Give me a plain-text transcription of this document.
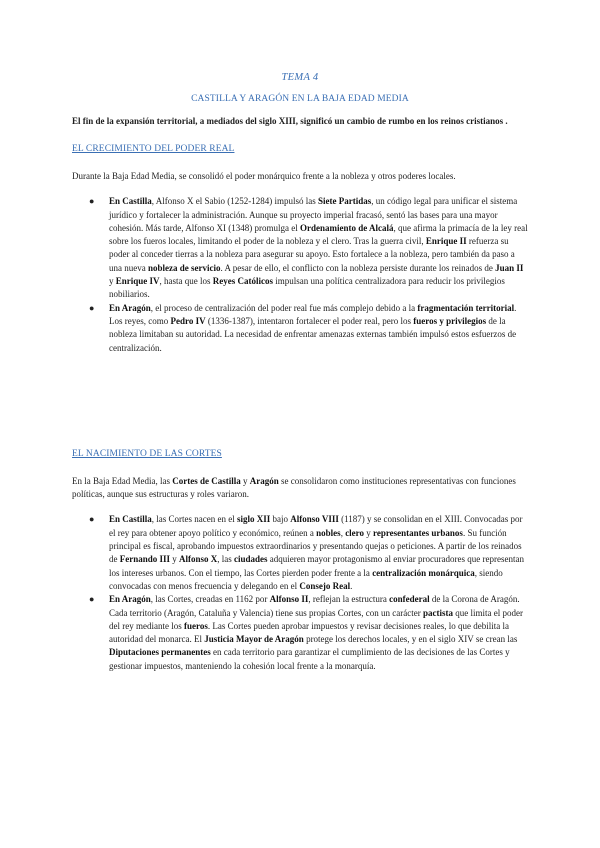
TEMA 4

CASTILLA Y ARAGÓN EN LA BAJA EDAD MEDIA

El fin de la expansión territorial, a mediados del siglo XIII, significó un cambio de rumbo en los reinos cristianos .

EL CRECIMIENTO DEL PODER REAL

Durante la Baja Edad Media, se consolidó el poder monárquico frente a la nobleza y otros poderes locales.

● En Castilla, Alfonso X el Sabio (1252-1284) impulsó las Siete Partidas, un código legal para unificar el sistema jurídico y fortalecer la administración. Aunque su proyecto imperial fracasó, sentó las bases para una mayor cohesión. Más tarde, Alfonso XI (1348) promulga el Ordenamiento de Alcalá, que afirma la primacía de la ley real sobre los fueros locales, limitando el poder de la nobleza y el clero. Tras la guerra civil, Enrique II refuerza su poder al conceder tierras a la nobleza para asegurar su apoyo. Esto fortalece a la nobleza, pero también da paso a una nueva nobleza de servicio. A pesar de ello, el conflicto con la nobleza persiste durante los reinados de Juan II y Enrique IV, hasta que los Reyes Católicos impulsan una política centralizadora para reducir los privilegios nobiliarios.
● En Aragón, el proceso de centralización del poder real fue más complejo debido a la fragmentación territorial. Los reyes, como Pedro IV (1336-1387), intentaron fortalecer el poder real, pero los fueros y privilegios de la nobleza limitaban su autoridad. La necesidad de enfrentar amenazas externas también impulsó estos esfuerzos de centralización.

EL NACIMIENTO DE LAS CORTES

En la Baja Edad Media, las Cortes de Castilla y Aragón se consolidaron como instituciones representativas con funciones políticas, aunque sus estructuras y roles variaron.

● En Castilla, las Cortes nacen en el siglo XII bajo Alfonso VIII (1187) y se consolidan en el XIII. Convocadas por el rey para obtener apoyo político y económico, reúnen a nobles, clero y representantes urbanos. Su función principal es fiscal, aprobando impuestos extraordinarios y presentando quejas o peticiones. A partir de los reinados de Fernando III y Alfonso X, las ciudades adquieren mayor protagonismo al enviar procuradores que representan los intereses urbanos. Con el tiempo, las Cortes pierden poder frente a la centralización monárquica, siendo convocadas con menos frecuencia y delegando en el Consejo Real.
● En Aragón, las Cortes, creadas en 1162 por Alfonso II, reflejan la estructura confederal de la Corona de Aragón. Cada territorio (Aragón, Cataluña y Valencia) tiene sus propias Cortes, con un carácter pactista que limita el poder del rey mediante los fueros. Las Cortes pueden aprobar impuestos y revisar decisiones reales, lo que debilita la autoridad del monarca. El Justicia Mayor de Aragón protege los derechos locales, y en el siglo XIV se crean las Diputaciones permanentes en cada territorio para garantizar el cumplimiento de las decisiones de las Cortes y gestionar impuestos, manteniendo la cohesión local frente a la monarquía.
